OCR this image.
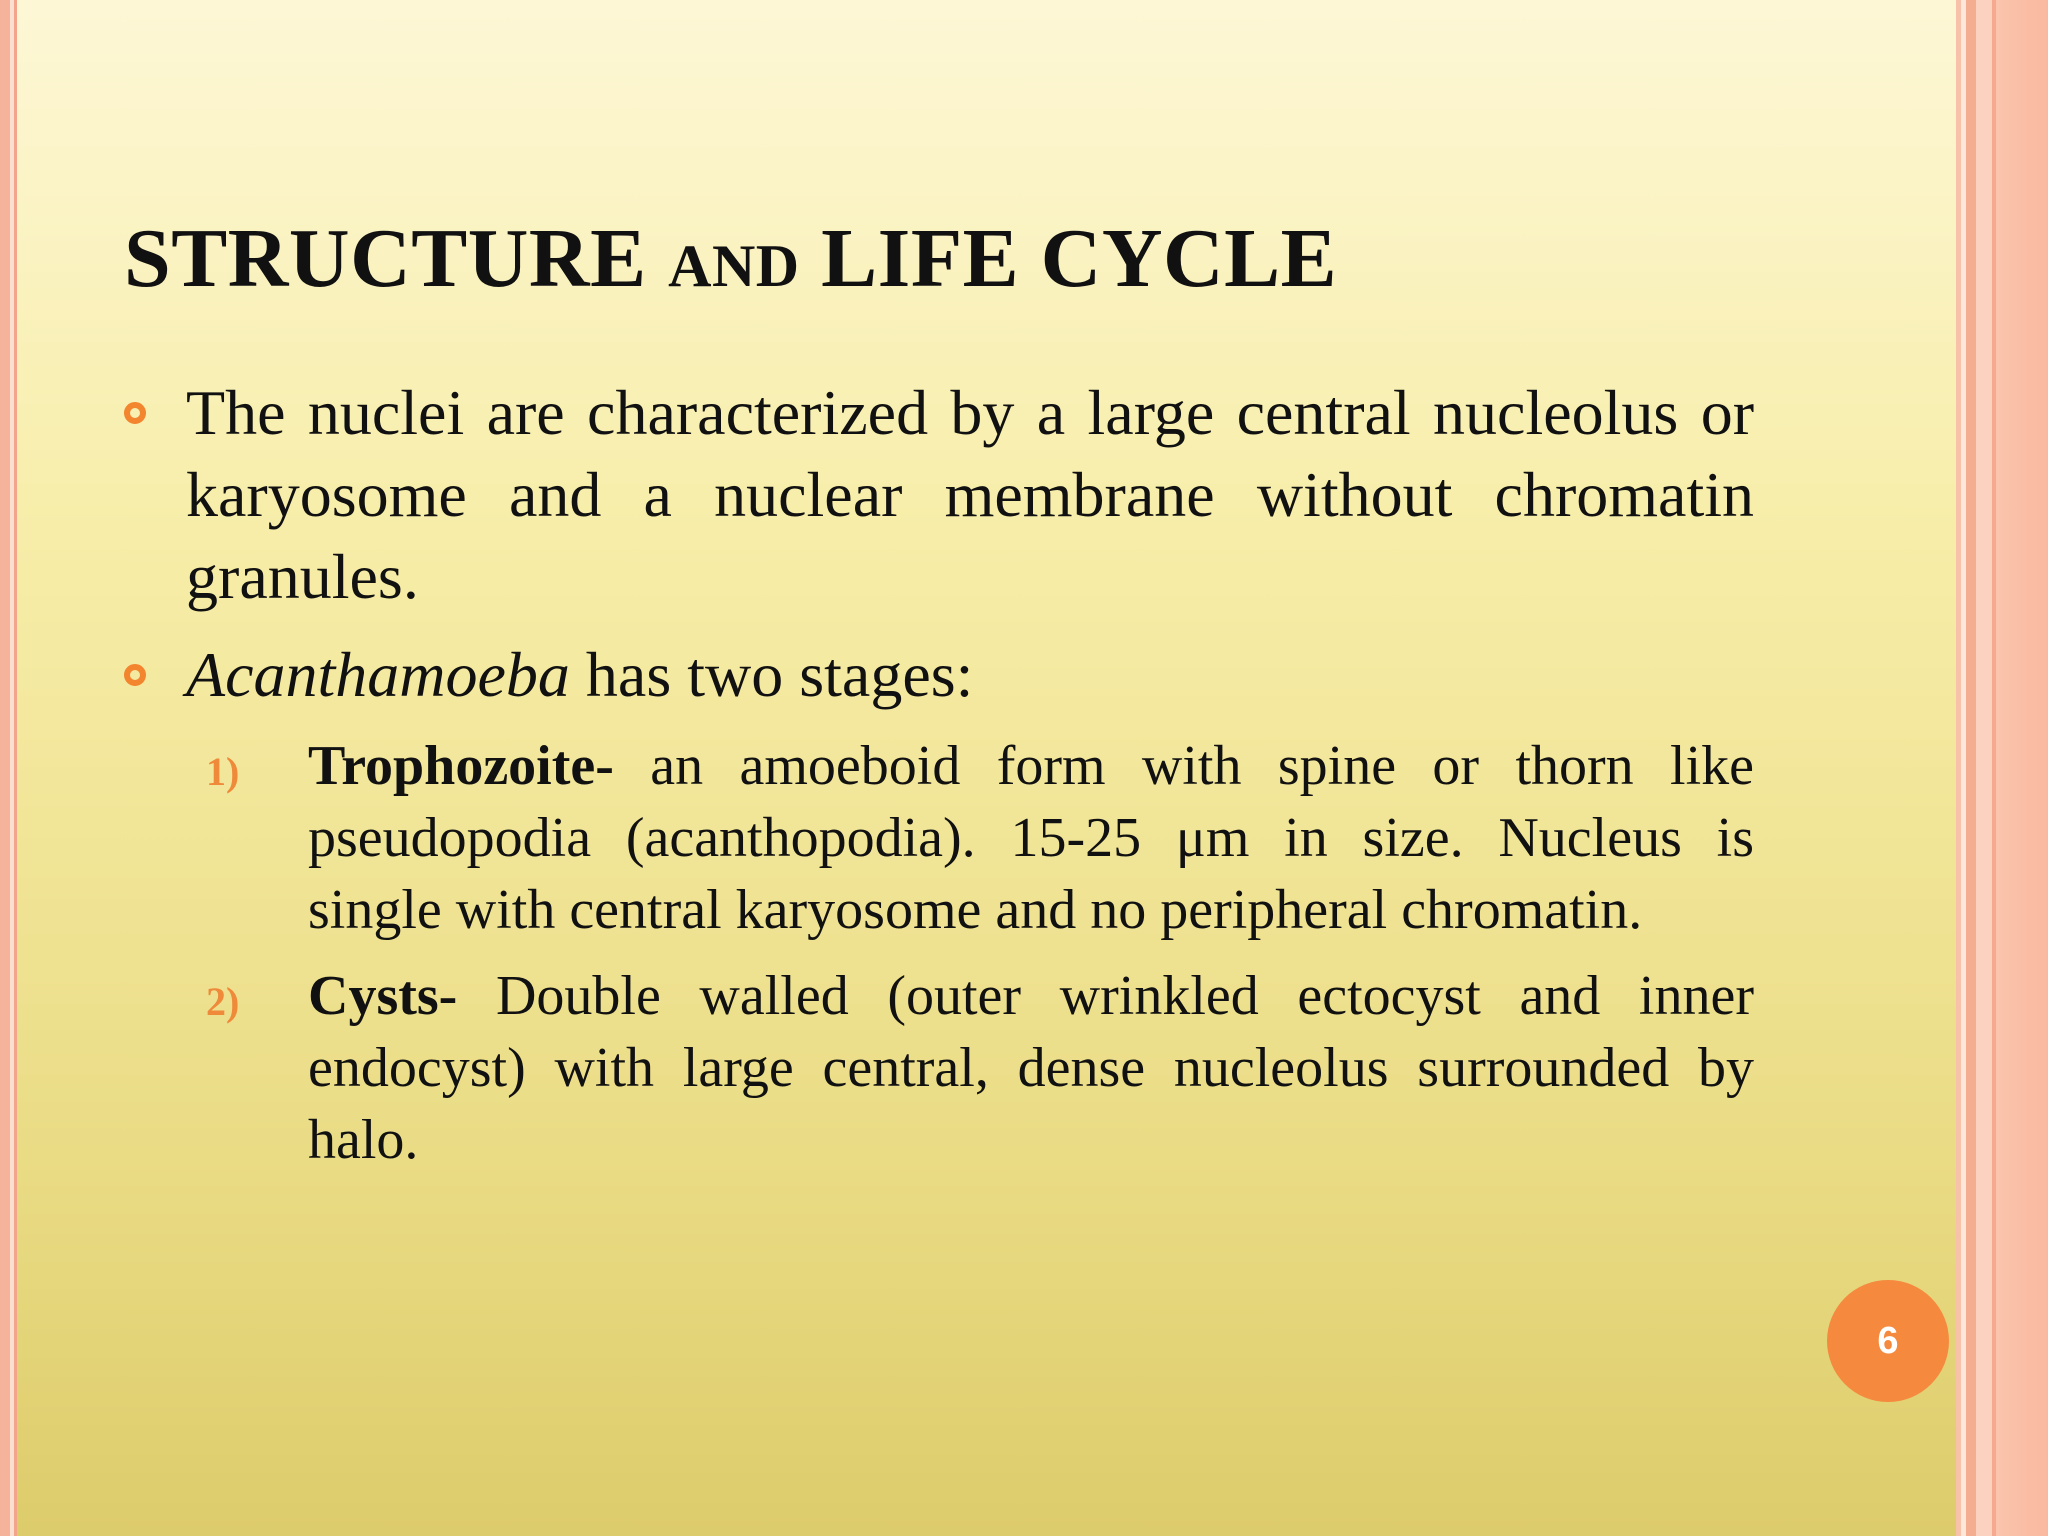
STRUCTURE AND LIFE CYCLE
The nuclei are characterized by a large central nucleolus or karyosome and a nuclear membrane without chromatin granules.
Acanthamoeba has two stages:
1) Trophozoite- an amoeboid form with spine or thorn like pseudopodia (acanthopodia). 15-25 μm in size. Nucleus is single with central karyosome and no peripheral chromatin.
2) Cysts- Double walled (outer wrinkled ectocyst and inner endocyst) with large central, dense nucleolus surrounded by halo.
6
